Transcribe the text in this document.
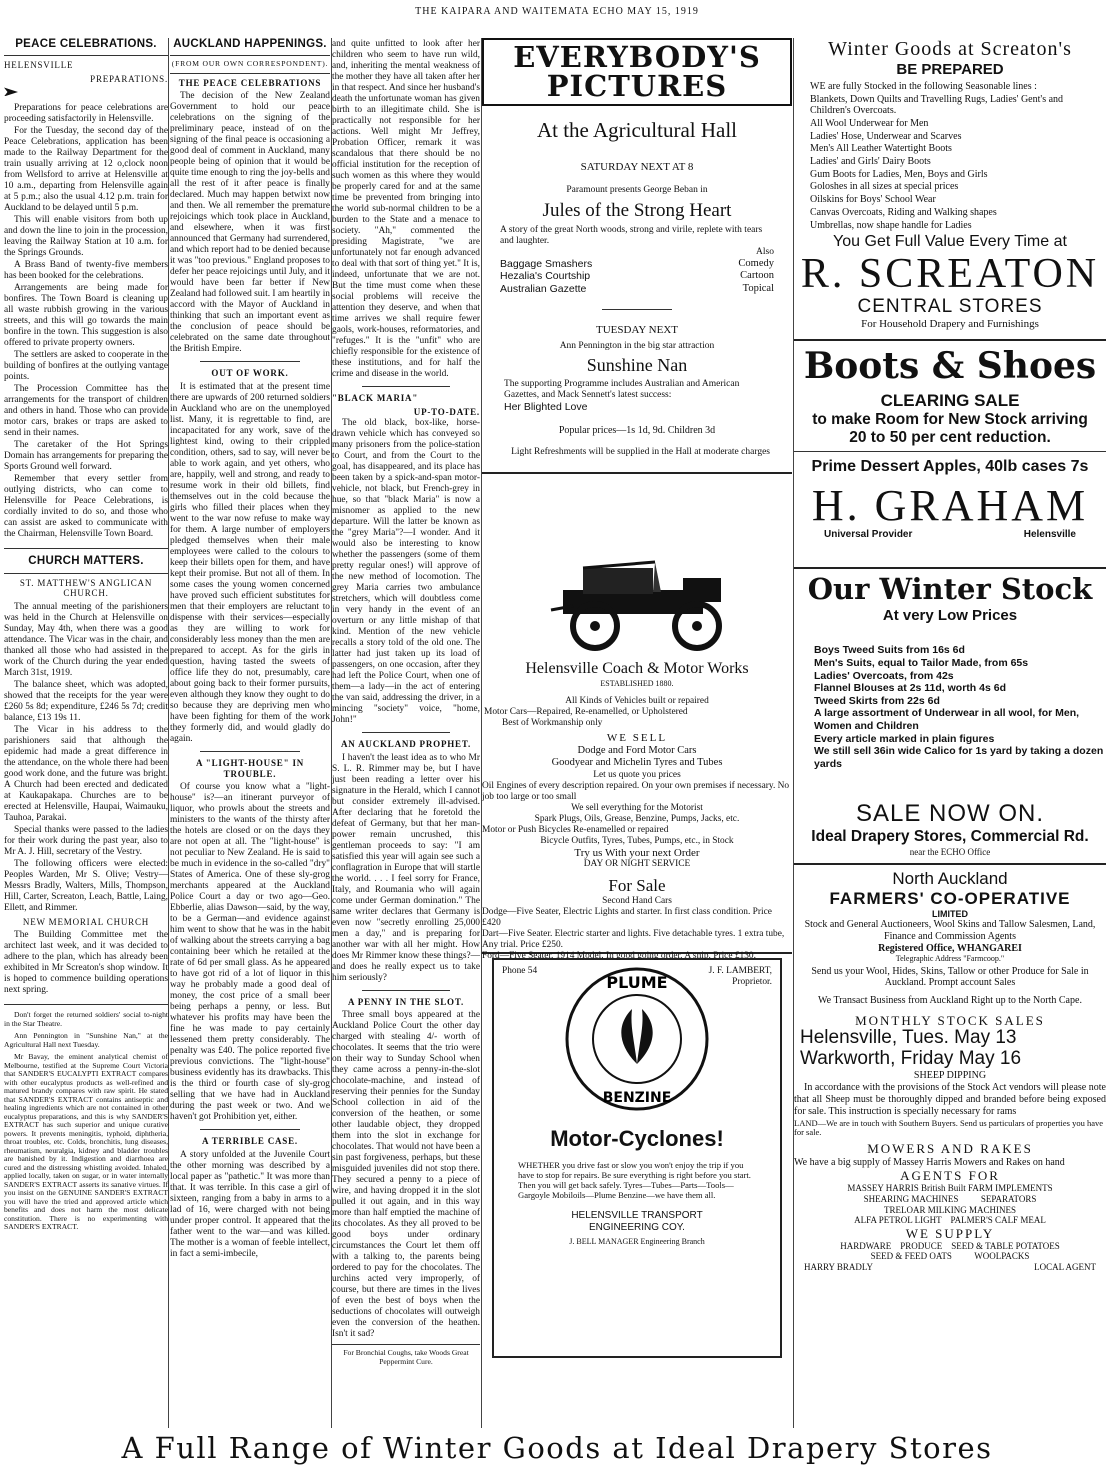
THE KAIPARA AND WAITEMATA ECHO MAY 15, 1919
PEACE CELEBRATIONS.
HELENSVILLE
PREPARATIONS.

Preparations for peace celebrations are proceeding satisfactorily in Helensville.

For the Tuesday, the second day of the Peace Celebrations, application has been made to the Railway Department for the train usually arriving at 12 o,clock noon from Wellsford to arrive at Helensville at 10 a.m., departing from Helensville again at 5 p.m.; also the usual 4.12 p.m. train for Auckland to be delayed until 5 p.m.

This will enable visitors from both up and down the line to join in the procession, leaving the Railway Station at 10 a.m. for the Springs Grounds.

A Brass Band of twenty-five members has been booked for the celebrations.

Arrangements are being made for bonfires. The Town Board is cleaning up all waste rubbish growing in the various streets, and this will go towards the main bonfire in the town. This suggestion is also offered to private property owners.

The settlers are asked to cooperate in the building of bonfires at the outlying vantage points.

The Procession Committee has the arrangements for the transport of children and others in hand. Those who can provide motor cars, brakes or traps are asked to send in their names.

The caretaker of the Hot Springs Domain has arrangements for preparing the Sports Ground well forward.

Remember that every settler from outlying districts, who can come to Helensville for Peace Celebrations, is cordially invited to do so, and those who can assist are asked to communicate with the Chairman, Helensville Town Board.

CHURCH MATTERS.
ST. MATTHEW'S ANGLICAN CHURCH.

The annual meeting of the parishioners was held in the Church at Helensville on Sunday, May 4th, when there was a good attendance. The Vicar was in the chair, and thanked all those who had assisted in the work of the Church during the year ended March 31st, 1919.

The balance sheet, which was adopted, showed that the receipts for the year were £260 5s 8d; expenditure, £246 5s 7d; credit balance, £13 19s 11.

The Vicar in his address to the parishioners said that although the epidemic had made a great difference in the attendance, on the whole there had been good work done, and the future was bright. A Church had been erected and dedicated at Kaukapakapa. Churches are to be erected at Helensville, Haupai, Waimauku, Tauhoa, Parakai.

Special thanks were passed to the ladies for their work during the past year, also to Mr A. J. Hill, secretary of the Vestry.

The following officers were elected: Peoples Warden, Mr S. Olive; Vestry—Messrs Bradly, Walters, Mills, Thompson, Hill, Carter, Screaton, Leach, Battle, Laing, Ellett, and Rimmer.

NEW MEMORIAL CHURCH

The Building Committee met the architect last week, and it was decided to adhere to the plan, which has already been exhibited in Mr Screaton's shop window. It is hoped to commence building operations next spring.

Don't forget the returned soldiers' social to-night in the Star Theatre.

Ann Pennington in "Sunshine Nan," at the Agricultural Hall next Tuesday.

Mr Bavay, the eminent analytical chemist of Melbourne, testified at the Supreme Court Victoria that SANDER'S EUCALYPTI EXTRACT compares with other eucalyptus products as well-refined and matured brandy compares with raw spirit. He stated that SANDER'S EXTRACT contains antiseptic and healing ingredients which are not contained in other eucalyptus preparations, and this is why SANDER'S EXTRACT has such superior and unique curative powers. It prevents meningitis, typhoid, diphtheria, throat troubles, etc. Colds, bronchitis, lung diseases, rheumatism, neuralgia, kidney and bladder troubles are banished by it. Indigestion and diarrhoea are cured and the distressing whistling avoided. Inhaled, applied locally, taken on sugar, or in water internally SANDER'S EXTRACT asserts its sanative virtues. If you insist on the GENUINE SANDER'S EXTRACT you will have the tried and approved article which benefits and does not harm the most delicate constitution. There is no experimenting with SANDER'S EXTRACT.

AUCKLAND HAPPENINGS.
(FROM OUR OWN CORRESPONDENT).
THE PEACE CELEBRATIONS

The decision of the New Zealand Government to hold our peace celebrations on the signing of the preliminary peace, instead of on the signing of the final peace is occasioning a good deal of comment in Auckland, many people being of opinion that it would be quite time enough to ring the joy-bells and all the rest of it after peace is finally declared. Much may happen betwixt now and then. We all remember the premature rejoicings which took place in Auckland, and elsewhere, when it was first announced that Germany had surrendered, and which report had to be denied because it was "too previous." England proposes to defer her peace rejoicings until July, and it would have been far better if New Zealand had followed suit. I am heartily in accord with the Mayor of Auckland in thinking that such an important event as the conclusion of peace should be celebrated on the same date throughout the British Empire.

OUT OF WORK.

It is estimated that at the present time there are upwards of 200 returned soldiers in Auckland who are on the unemployed list. Many, it is regrettable to find, are incapacitated for any work, save of the lightest kind, owing to their crippled condition, others, sad to say, will never be able to work again, and yet others, who are, happily, well and strong, and ready to resume work in their old billets, find themselves out in the cold because the girls who filled their places when they went to the war now refuse to make way for them. A large number of employers pledged themselves when their male employees were called to the colours to keep their billets open for them, and have kept their promise. But not all of them. In some cases the young women concerned have proved such efficient substitutes for men that their employers are reluctant to dispense with their services—especially as they are willing to work for considerably less money than the men are prepared to accept. As for the girls in question, having tasted the sweets of office life they do not, presumably, care about going back to their former pursuits, even although they know they ought to do so because they are depriving men who have been fighting for them of the work they formerly did, and would gladly do again.

A "LIGHT-HOUSE" IN TROUBLE.

Of course you know what a "light-house" is?—an itinerant purveyor of liquor, who prowls about the streets and ministers to the wants of the thirsty after the hotels are closed or on the days they are not open at all. The "light-house" is not peculiar to New Zealand. He is said to be much in evidence in the so-called "dry" States of America. One of these sly-grog merchants appeared at the Auckland Police Court a day or two ago—Geo. Ebberlie, alias Dawson—said, by the way, to be a German—and evidence against him went to show that he was in the habit of walking about the streets carrying a bag containing beer which he retailed at the rate of 6d per small glass. As he appeared to have got rid of a lot of liquor in this way he probably made a good deal of money, the cost price of a small beer being perhaps a penny, or less. But whatever his profits may have been the fine he was made to pay certainly lessened them pretty considerably. The penalty was £40. The police reported five previous convictions. The "light-house" business evidently has its drawbacks. This is the third or fourth case of sly-grog selling that we have had in Auckland during the past week or two. And we haven't got Prohibition yet, either.

A TERRIBLE CASE.

A story unfolded at the Juvenile Court the other morning was described by a local paper as "pathetic." It was more than that. It was terrible. In this case a girl of sixteen, ranging from a baby in arms to a lad of 16, were charged with not being under proper control. It appeared that the father went to the war—and was killed. The mother is a woman of feeble intellect, in fact a semi-imbecile,

and quite unfitted to look after her children who seem to have run wild, and, inheriting the mental weakness of the mother they have all taken after her in that respect. And since her husband's death the unfortunate woman has given birth to an illegitimate child. She is practically not responsible for her actions. Well might Mr Jeffrey, Probation Officer, remark it was scandalous that there should be no official institution for the reception of such women as this where they would be properly cared for and at the same time be prevented from bringing into the world sub-normal children to be a burden to the State and a menace to society. "Ah," commented the presiding Magistrate, "we are unfortunately not far enough advanced to deal with that sort of thing yet." It is, indeed, unfortunate that we are not. But the time must come when these social problems will receive the attention they deserve, and when that time arrives we shall require fewer gaols, work-houses, reformatories, and "refuges." It is the "unfit" who are chiefly responsible for the existence of these institutions, and for half the crime and disease in the world.

"BLACK MARIA"
UP-TO-DATE.

The old black, box-like, horse-drawn vehicle which has conveyed so many prisoners from the police-station to Court, and from the Court to the goal, has disappeared, and its place has been taken by a spick-and-span motor-vehicle, not black, but French-grey in hue, so that "black Maria" is now a misnomer as applied to the new departure. Will the latter be known as the "grey Maria"?—I wonder. And it would also be interesting to know whether the passengers (some of them pretty regular ones!) will approve of the new method of locomotion. The grey Maria carries two ambulance stretchers, which will doubtless come in very handy in the event of an overturn or any little mishap of that kind. Mention of the new vehicle recalls a story told of the old one. The latter had just taken up its load of passengers, on one occasion, after they had left the Police Court, when one of them—a lady—in the act of entering the van said, addressing the driver, in a mincing "society" voice, "home, John!"

AN AUCKLAND PROPHET.

I haven't the least idea as to who Mr S. L. R. Rimmer may be, but I have just been reading a letter over his signature in the Herald, which I cannot but consider extremely ill-advised. After declaring that he foretold the defeat of Germany, but that her man-power remain uncrushed, this gentleman proceeds to say: "I am satisfied this year will again see such a conflagration in Europe that will startle the world. . . . I feel sorry for France, Italy, and Roumania who will again come under German domination." The same writer declares that Germany is even now "secretly enrolling 25,000 men a day," and is preparing for another war with all her might. How does Mr Rimmer know these things?—and does he really expect us to take him seriously?

A PENNY IN THE SLOT.

Three small boys appeared at the Auckland Police Court the other day charged with stealing 4/- worth of chocolates. It seems that the trio were on their way to Sunday School when they came across a penny-in-the-slot chocolate-machine, and instead of reserving their pennies for the Sunday School collection in aid of the conversion of the heathen, or some other laudable object, they dropped them into the slot in exchange for chocolates. That would not have been a sin past forgiveness, perhaps, but these misguided juveniles did not stop there. They secured a penny to a piece of wire, and having dropped it in the slot pulled it out again, and in this way more than half emptied the machine of its chocolates. As they all proved to be good boys under ordinary circumstances the Court let them off with a talking to, the parents being ordered to pay for the chocolates. The urchins acted very improperly, of course, but there are times in the lives of even the best of boys when the seductions of chocolates will outweigh even the conversion of the heathen. Isn't it sad?

For Bronchial Coughs, take Woods Great Peppermint Cure.

EVERYBODY'S PICTURES
At the Agricultural Hall
SATURDAY NEXT AT 8
Paramount presents George Beban in
Jules of the Strong Heart
A story of the great North woods, strong and virile, replete with tears and laughter.
Also
Baggage Smashers	Comedy
Hezalia's Courtship	Cartoon
Australian Gazette	Topical
TUESDAY NEXT
Ann Pennington in the big star attraction
Sunshine Nan
The supporting Programme includes Australian and American Gazettes, and Mack Sennett's latest success:
Her Blighted Love
Popular prices—1s 1d, 9d. Children 3d
Light Refreshments will be supplied in the Hall at moderate charges
Helensville Coach & Motor Works
ESTABLISHED 1880.
All Kinds of Vehicles built or repaired
Motor Cars—Repaired, Re-enamelled, or Upholstered
Best of Workmanship only
WE SELL
Dodge and Ford Motor Cars
Goodyear and Michelin Tyres and Tubes
Let us quote you prices
Oil Engines of every description repaired. On your own premises if necessary. No job too large or too small
We sell everything for the Motorist
Spark Plugs, Oils, Grease, Benzine, Pumps, Jacks, etc.
Motor or Push Bicycles Re-enamelled or repaired
Bicycle Outfits, Tyres, Tubes, Pumps, etc., in Stock
Try us With your next Order
DAY OR NIGHT SERVICE
For Sale
Second Hand Cars
Dodge—Five Seater, Electric Lights and starter. In first class condition. Price £420
Dart—Five Seater. Electric starter and lights. Five detachable tyres. 1 extra tube, Any trial. Price £250.
Ford—Five Seater. 1914 Model. In good going order. A snip. Price £130.
Phone 54	J. F. LAMBERT,
Proprietor.
PLUME
BENZINE
Motor-Cyclones!
WHETHER you drive fast or slow you won't enjoy the trip if you have to stop for repairs. Be sure everything is right before you start. Then you will get back safely. Tyres—Tubes—Parts—Tools—Gargoyle Mobiloils—Plume Benzine—we have them all.
HELENSVILLE TRANSPORT
ENGINEERING COY.
J. BELL MANAGER Engineering Branch
Winter Goods at Screaton's
BE PREPARED
WE are fully Stocked in the following Seasonable lines :
Blankets, Down Quilts and Travelling Rugs, Ladies' Gent's and Children's Overcoats.
All Wool Underwear for Men
Ladies' Hose, Underwear and Scarves
Men's All Leather Watertight Boots
Ladies' and Girls' Dairy Boots
Gum Boots for Ladies, Men, Boys and Girls
Goloshes in all sizes at special prices
Oilskins for Boys' School Wear
Canvas Overcoats, Riding and Walking shapes
Umbrellas, now shape handle for Ladies
You Get Full Value Every Time at
R. SCREATON
CENTRAL STORES
For Household Drapery and Furnishings
Boots & Shoes
CLEARING SALE
to make Room for New Stock arriving
20 to 50 per cent reduction.
Prime Dessert Apples, 40lb cases 7s
H. GRAHAM
Universal Provider	Helensville
Our Winter Stock
At very Low Prices
Boys Tweed Suits from 16s 6d
Men's Suits, equal to Tailor Made, from 65s
Ladies' Overcoats, from 42s
Flannel Blouses at 2s 11d, worth 4s 6d
Tweed Skirts from 22s 6d
A large assortment of Underwear in all wool, for Men, Women and Children
Every article marked in plain figures
We still sell 36in wide Calico for 1s yard by taking a dozen yards
SALE NOW ON.
Ideal Drapery Stores, Commercial Rd.
near the ECHO Office
North Auckland
FARMERS' CO-OPERATIVE
LIMITED
Stock and General Auctioneers, Wool Skins and Tallow Salesmen, Land, Finance and Commission Agents
Registered Office, WHANGAREI
Telegraphic Address "Farmcoop."
Send us your Wool, Hides, Skins, Tallow or other Produce for Sale in Auckland. Prompt account Sales
We Transact Business from Auckland Right up to the North Cape.
MONTHLY STOCK SALES
Helensville, Tues. May 13
Warkworth, Friday May 16
SHEEP DIPPING

In accordance with the provisions of the Stock Act vendors will please note that all Sheep must be thoroughly dipped and branded before being exposed for sale. This instruction is specially necessary for rams

LAND—We are in touch with Southern Buyers. Send us particulars of properties you have for sale.
MOWERS AND RAKES
We have a big supply of Massey Harris Mowers and Rakes on hand
AGENTS FOR
MASSEY HARRIS British Built FARM IMPLEMENTS
SHEARING MACHINES          SEPARATORS
TRELOAR MILKING MACHINES
ALFA PETROL LIGHT    PALMER'S CALF MEAL
WE SUPPLY
HARDWARE    PRODUCE    SEED & TABLE POTATOES
SEED & FEED OATS          WOOLPACKS
HARRY BRADLY	LOCAL AGENT
A Full Range of Winter Goods at Ideal Drapery Stores
